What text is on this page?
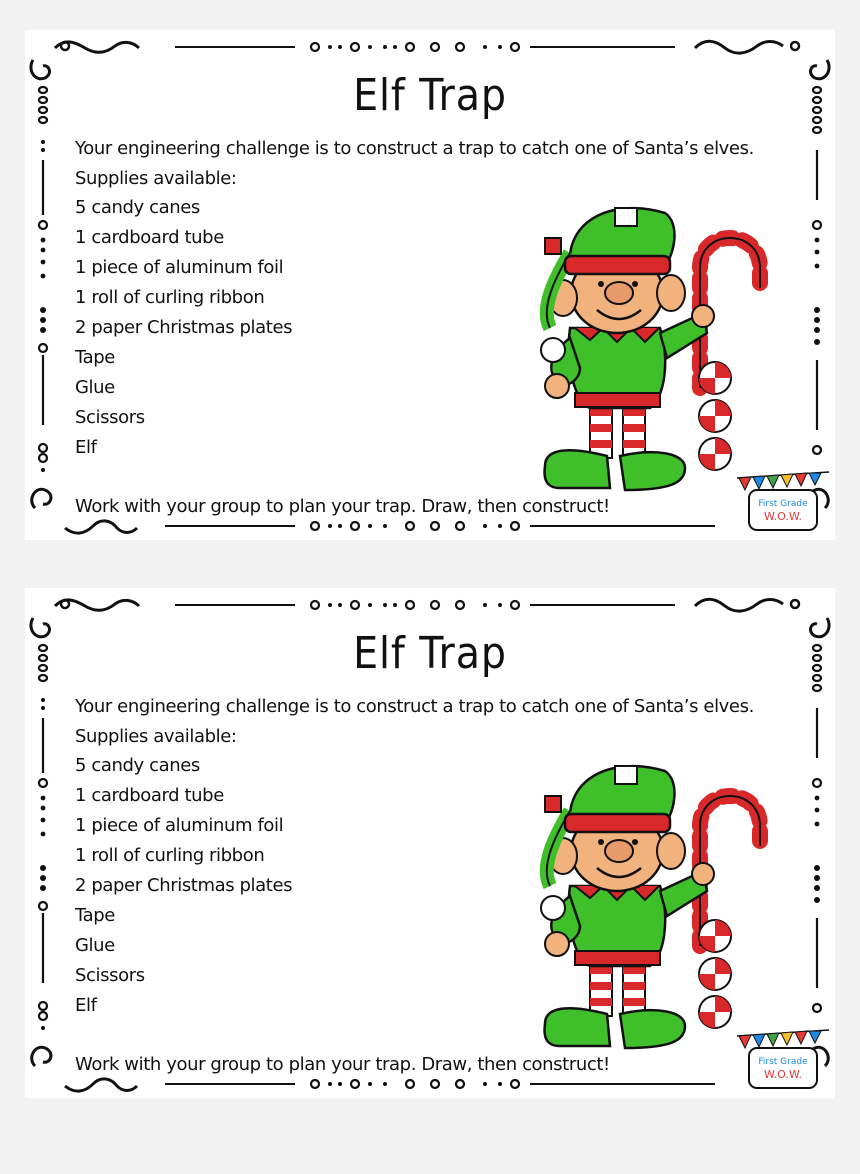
Elf Trap
Your engineering challenge is to construct a trap to catch one of Santa’s elves.
Supplies available:
5 candy canes
1 cardboard tube
1 piece of aluminum foil
1 roll of curling ribbon
2 paper Christmas plates
Tape
Glue
Scissors
Elf
First Grade
W.O.W.
Work with your group to plan your trap. Draw, then construct!
Elf Trap
Your engineering challenge is to construct a trap to catch one of Santa’s elves.
Supplies available:
5 candy canes
1 cardboard tube
1 piece of aluminum foil
1 roll of curling ribbon
2 paper Christmas plates
Tape
Glue
Scissors
Elf
First Grade
W.O.W.
Work with your group to plan your trap. Draw, then construct!
